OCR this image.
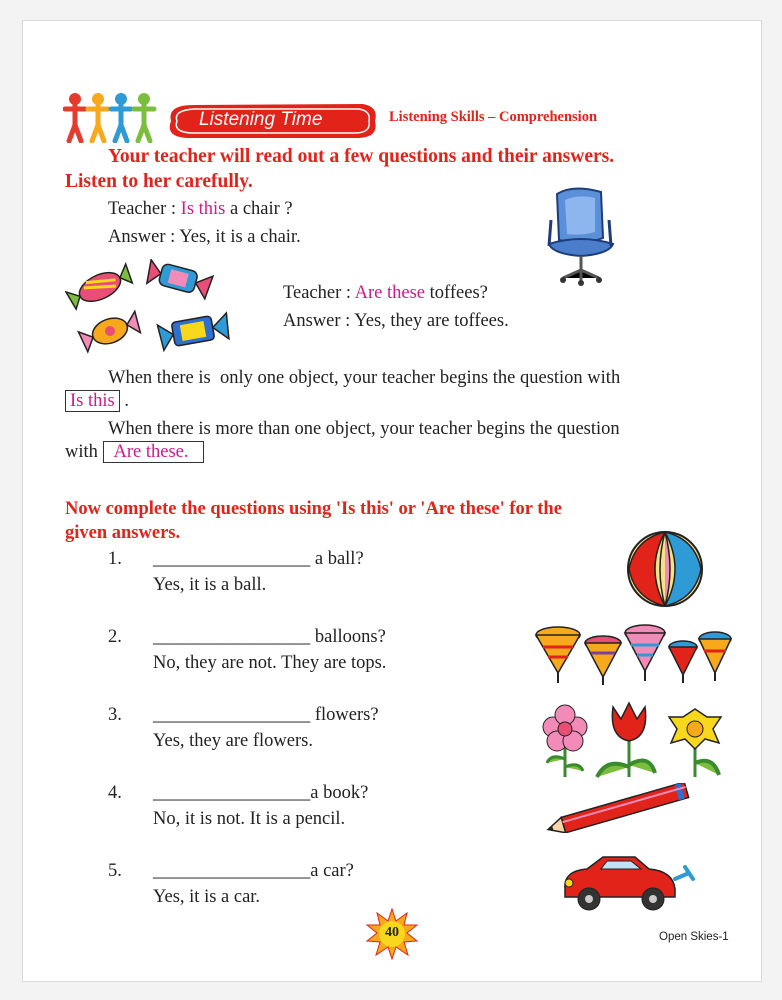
Listening Time	Listening Skills – Comprehension
Your teacher will read out a few questions and their answers.
Listen to her carefully.
Teacher : Is this a chair ?
Answer : Yes, it is a chair.
Teacher : Are these toffees?
Answer : Yes, they are toffees.
When there is  only one object, your teacher begins the question with
Is this .
When there is more than one object, your teacher begins the question
with Are these.
Now complete the questions using 'Is this' or 'Are these' for the
given answers.
1. _________________ a ball?
Yes, it is a ball.
2. _________________ balloons?
No, they are not. They are tops.
3. _________________ flowers?
Yes, they are flowers.
4. _________________a book?
No, it is not. It is a pencil.
5. _________________a car?
Yes, it is a car.
40	Open Skies-1
